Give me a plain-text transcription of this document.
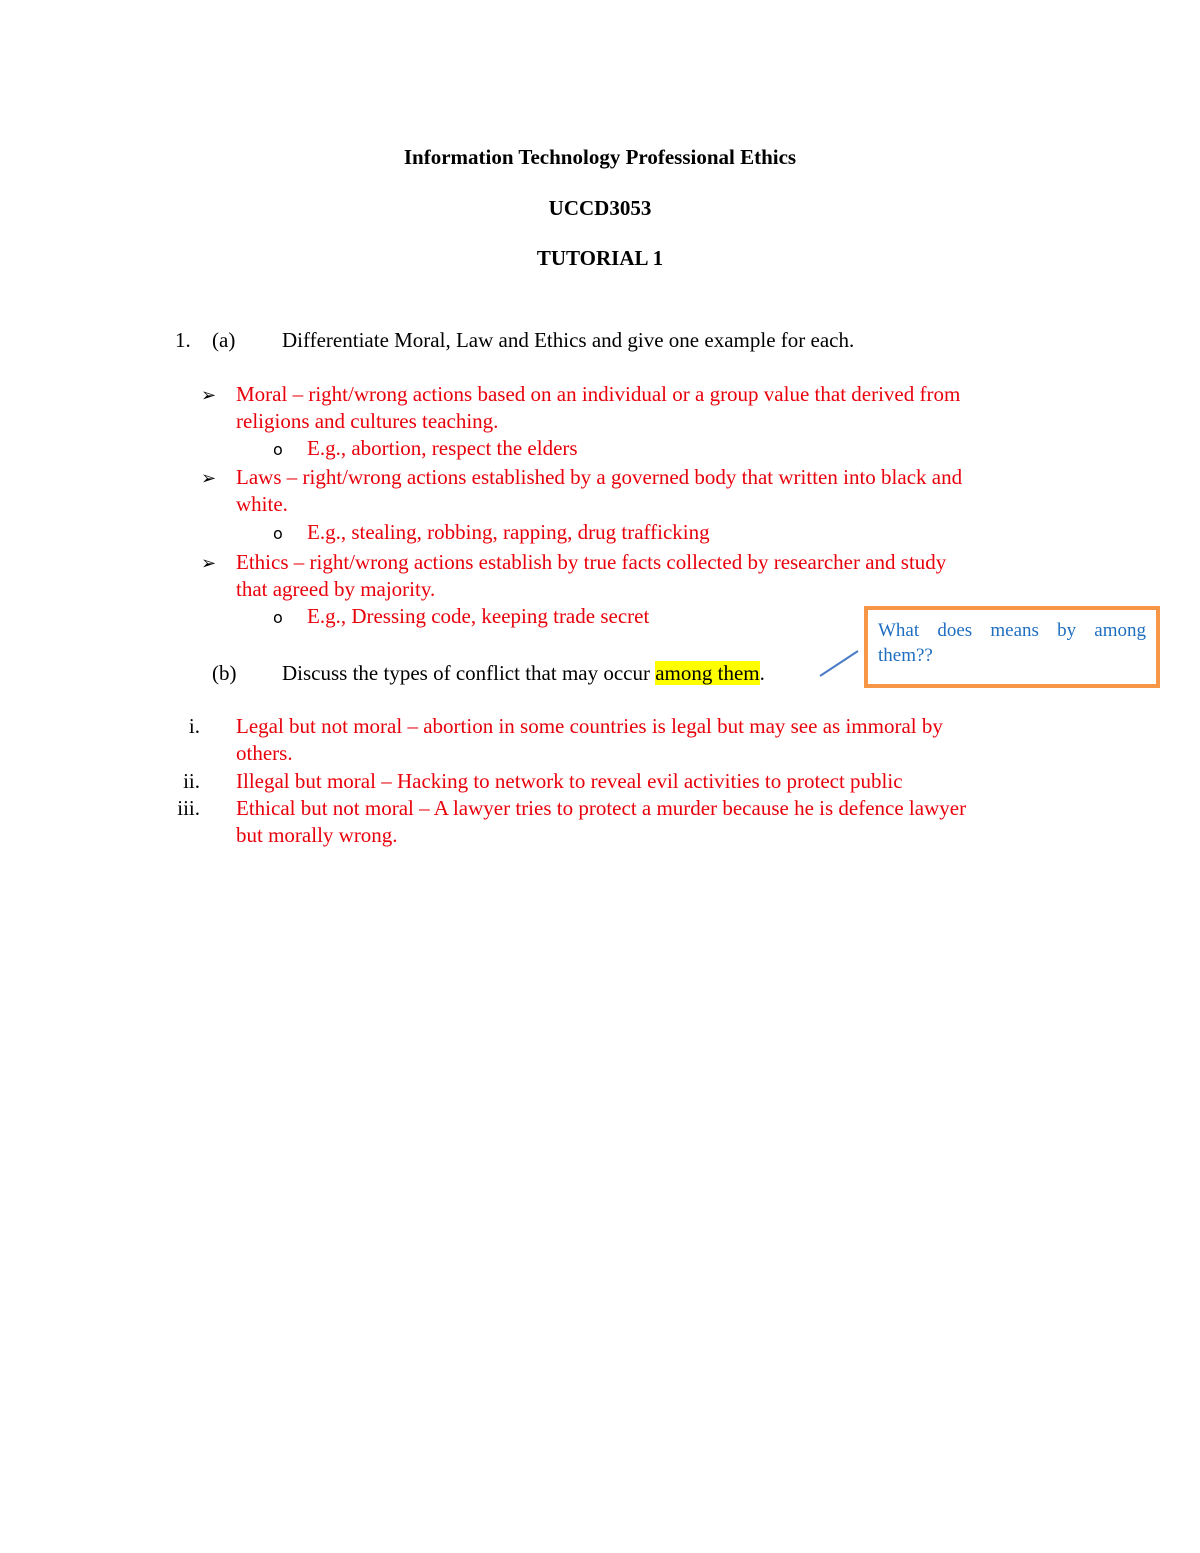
Information Technology Professional Ethics
UCCD3053
TUTORIAL 1
1. (a) Differentiate Moral, Law and Ethics and give one example for each.
➢ Moral – right/wrong actions based on an individual or a group value that derived from
religions and cultures teaching.
o E.g., abortion, respect the elders
➢ Laws – right/wrong actions established by a governed body that written into black and
white.
o E.g., stealing, robbing, rapping, drug trafficking
➢ Ethics – right/wrong actions establish by true facts collected by researcher and study
that agreed by majority.
o E.g., Dressing code, keeping trade secret
(b) Discuss the types of conflict that may occur among them.
i. Legal but not moral – abortion in some countries is legal but may see as immoral by
others.
ii. Illegal but moral – Hacking to network to reveal evil activities to protect public
iii. Ethical but not moral – A lawyer tries to protect a murder because he is defence lawyer
but morally wrong.
What does means by among
them??
